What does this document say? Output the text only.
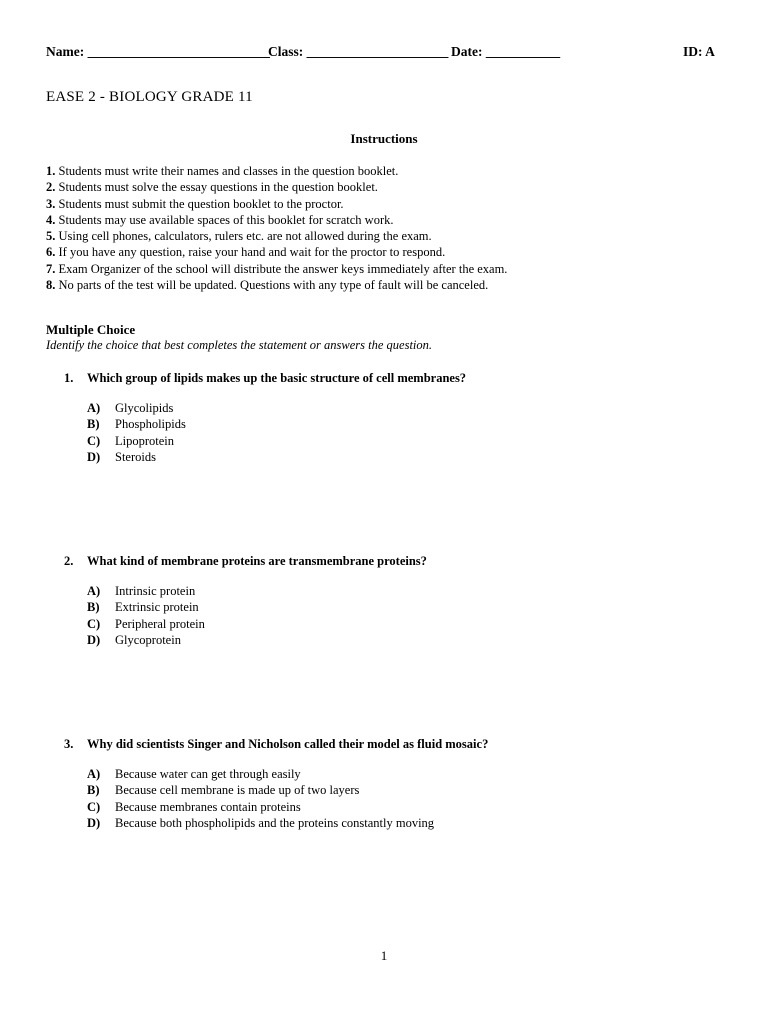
Name: ___________________________
Class: _____________________ Date: ___________	ID: A
EASE 2 - BIOLOGY GRADE 11
Instructions
1. Students must write their names and classes in the question booklet.
2. Students must solve the essay questions in the question booklet.
3. Students must submit the question booklet to the proctor.
4. Students may use available spaces of this booklet for scratch work.
5. Using cell phones, calculators, rulers etc. are not allowed during the exam.
6. If you have any question, raise your hand and wait for the proctor to respond.
7. Exam Organizer of the school will distribute the answer keys immediately after the exam.
8. No parts of the test will be updated. Questions with any type of fault will be canceled.
Multiple Choice
Identify the choice that best completes the statement or answers the question.
1. Which group of lipids makes up the basic structure of cell membranes?
A) Glycolipids
B) Phospholipids
C) Lipoprotein
D) Steroids
2. What kind of membrane proteins are transmembrane proteins?
A) Intrinsic protein
B) Extrinsic protein
C) Peripheral protein
D) Glycoprotein
3. Why did scientists Singer and Nicholson called their model as fluid mosaic?
A) Because water can get through easily
B) Because cell membrane is made up of two layers
C) Because membranes contain proteins
D) Because both phospholipids and the proteins constantly moving
1
